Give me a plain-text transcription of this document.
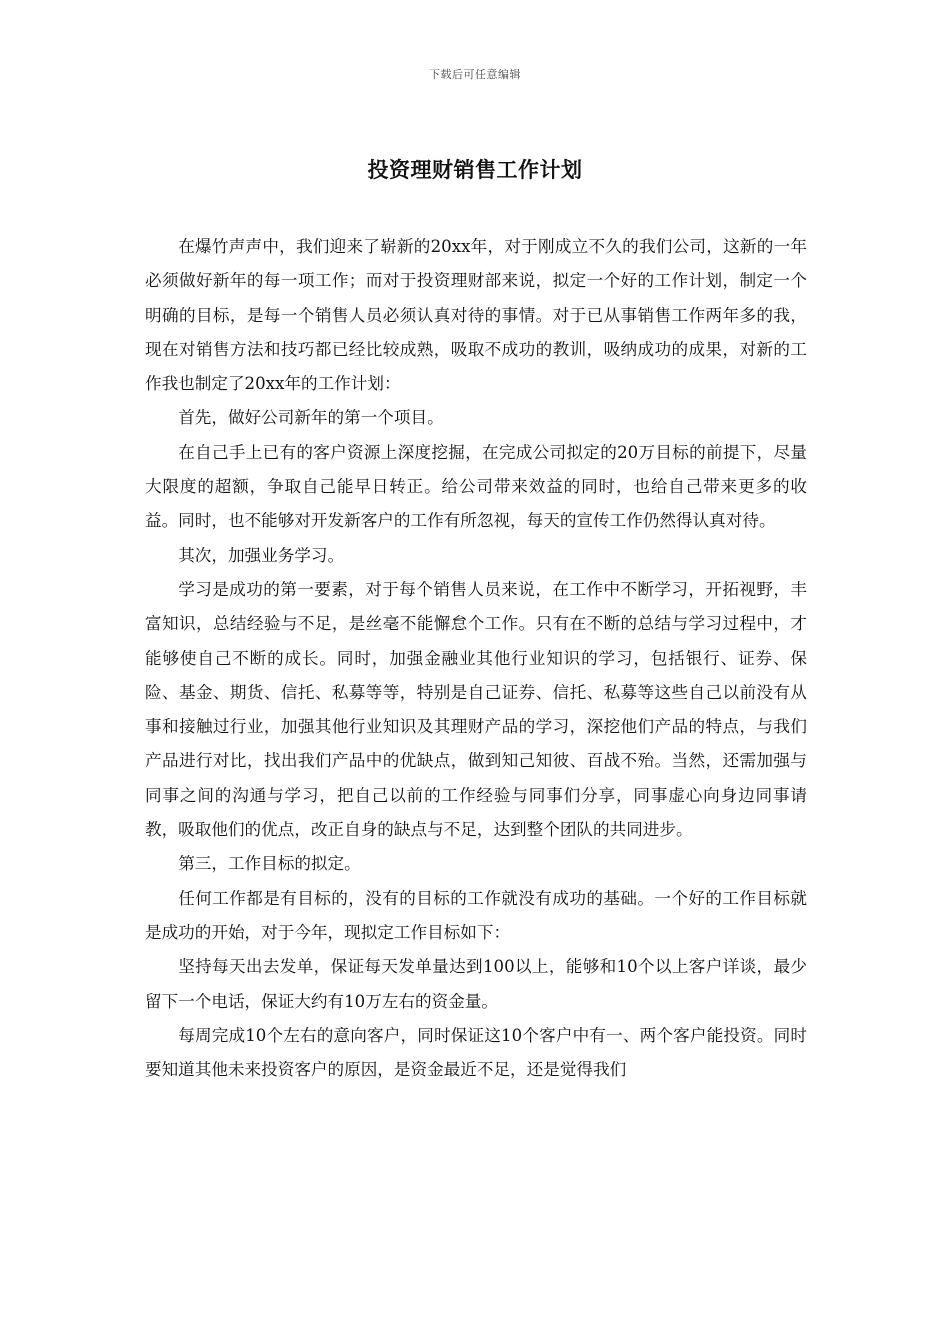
下载后可任意编辑
投资理财销售工作计划

在爆竹声声中，我们迎来了崭新的20xx年，对于刚成立不久的我们公司，这新的一年必须做好新年的每一项工作；而对于投资理财部来说，拟定一个好的工作计划，制定一个明确的目标，是每一个销售人员必须认真对待的事情。对于已从事销售工作两年多的我，现在对销售方法和技巧都已经比较成熟，吸取不成功的教训，吸纳成功的成果，对新的工作我也制定了20xx年的工作计划：

首先，做好公司新年的第一个项目。

在自己手上已有的客户资源上深度挖掘，在完成公司拟定的20万目标的前提下，尽量大限度的超额，争取自己能早日转正。给公司带来效益的同时，也给自己带来更多的收益。同时，也不能够对开发新客户的工作有所忽视，每天的宣传工作仍然得认真对待。

其次，加强业务学习。

学习是成功的第一要素，对于每个销售人员来说，在工作中不断学习，开拓视野，丰富知识，总结经验与不足，是丝毫不能懈怠个工作。只有在不断的总结与学习过程中，才能够使自己不断的成长。同时，加强金融业其他行业知识的学习，包括银行、证券、保险、基金、期货、信托、私募等等，特别是自己证券、信托、私募等这些自己以前没有从事和接触过行业，加强其他行业知识及其理财产品的学习，深挖他们产品的特点，与我们产品进行对比，找出我们产品中的优缺点，做到知己知彼、百战不殆。当然，还需加强与同事之间的沟通与学习，把自己以前的工作经验与同事们分享，同事虚心向身边同事请教，吸取他们的优点，改正自身的缺点与不足，达到整个团队的共同进步。

第三，工作目标的拟定。

任何工作都是有目标的，没有的目标的工作就没有成功的基础。一个好的工作目标就是成功的开始，对于今年，现拟定工作目标如下：

坚持每天出去发单，保证每天发单量达到100以上，能够和10个以上客户详谈，最少留下一个电话，保证大约有10万左右的资金量。

每周完成10个左右的意向客户，同时保证这10个客户中有一、两个客户能投资。同时要知道其他未来投资客户的原因，是资金最近不足，还是觉得我们
